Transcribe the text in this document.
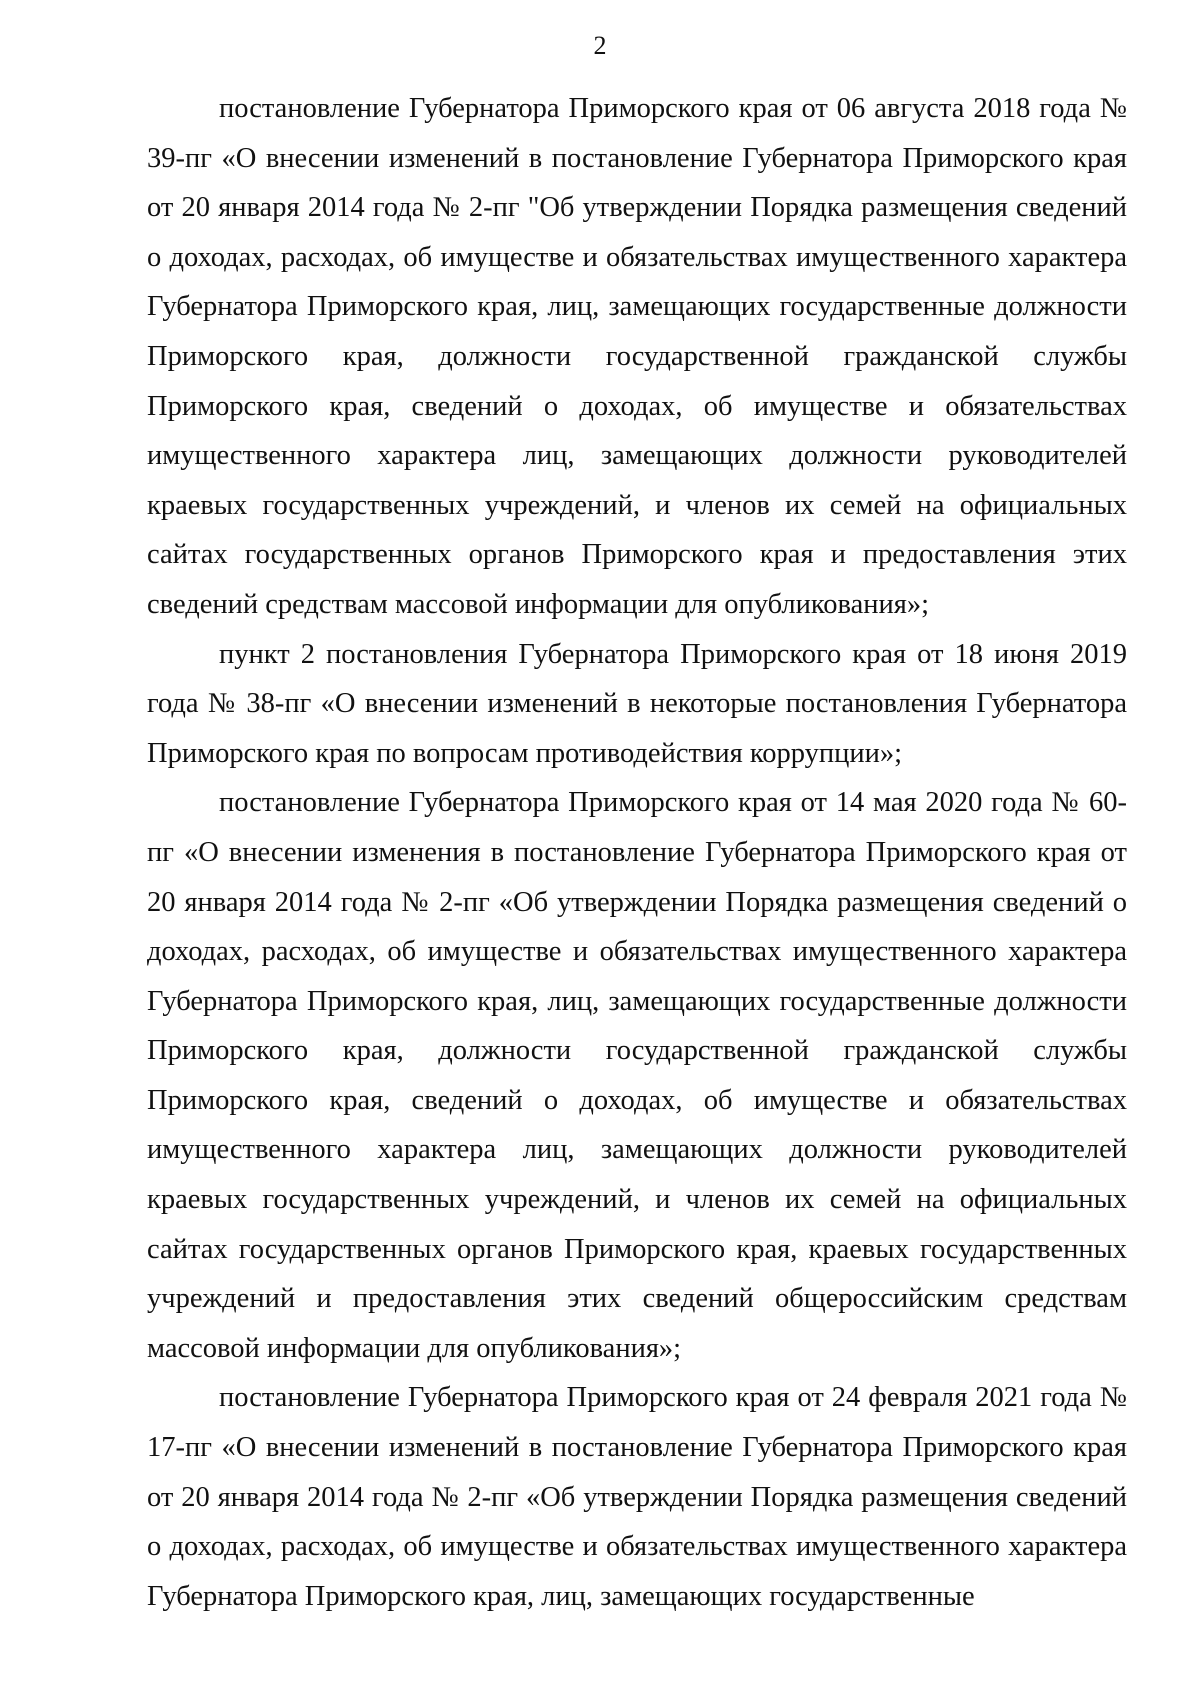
2

постановление Губернатора Приморского края от 06 августа 2018 года № 39-пг «О внесении изменений в постановление Губернатора Приморского края от 20 января 2014 года № 2-пг "Об утверждении Порядка размещения сведений о доходах, расходах, об имуществе и обязательствах имущественного характера Губернатора Приморского края, лиц, замещающих государственные должности Приморского края, должности государственной гражданской службы Приморского края, сведений о доходах, об имуществе и обязательствах имущественного характера лиц, замещающих должности руководителей краевых государственных учреждений, и членов их семей на официальных сайтах государственных органов Приморского края и предоставления этих сведений средствам массовой информации для опубликования»;

пункт 2 постановления Губернатора Приморского края от 18 июня 2019 года № 38-пг «О внесении изменений в некоторые постановления Губернатора Приморского края по вопросам противодействия коррупции»;

постановление Губернатора Приморского края от 14 мая 2020 года № 60-пг «О внесении изменения в постановление Губернатора Приморского края от 20 января 2014 года № 2-пг «Об утверждении Порядка размещения сведений о доходах, расходах, об имуществе и обязательствах имущественного характера Губернатора Приморского края, лиц, замещающих государственные должности Приморского края, должности государственной гражданской службы Приморского края, сведений о доходах, об имуществе и обязательствах имущественного характера лиц, замещающих должности руководителей краевых государственных учреждений, и членов их семей на официальных сайтах государственных органов Приморского края, краевых государственных учреждений и предоставления этих сведений общероссийским средствам массовой информации для опубликования»;

постановление Губернатора Приморского края от 24 февраля 2021 года № 17-пг «О внесении изменений в постановление Губернатора Приморского края от 20 января 2014 года № 2-пг «Об утверждении Порядка размещения сведений о доходах, расходах, об имуществе и обязательствах имущественного характера Губернатора Приморского края, лиц, замещающих государственные
